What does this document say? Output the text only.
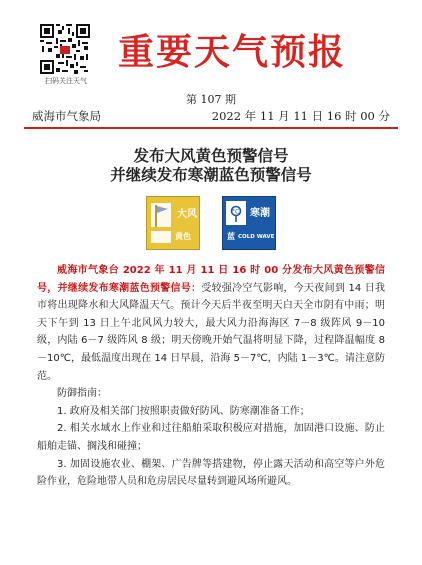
扫码关注天气
重要天气预报
第 107 期
威海市气象局	2022 年 11 月 11 日 16 时 00 分
发布大风黄色预警信号
并继续发布寒潮蓝色预警信号
大风
黄色
°C 寒潮
蓝 COLD WAVE

威海市气象台 2022 年 11 月 11 日 16 时 00 分发布大风黄色预警信号，并继续发布寒潮蓝色预警信号：受较强冷空气影响，今天夜间到 14 日我市将出现降水和大风降温天气。预计今天后半夜至明天白天全市阴有中雨；明天下午到 13 日上午北风风力较大，最大风力沿海海区 7－8 级阵风 9－10 级，内陆 6－7 级阵风 8 级；明天傍晚开始气温将明显下降，过程降温幅度 8－10℃，最低温度出现在 14 日早晨，沿海 5－7℃，内陆 1－3℃。请注意防范。

防御指南：

1. 政府及相关部门按照职责做好防风、防寒潮准备工作；

2. 相关水域水上作业和过往船舶采取积极应对措施，加固港口设施、防止船舶走锚、搁浅和碰撞；

3. 加固设施农业、棚架、广告牌等搭建物，停止露天活动和高空等户外危险作业，危险地带人员和危房居民尽量转到避风场所避风。
